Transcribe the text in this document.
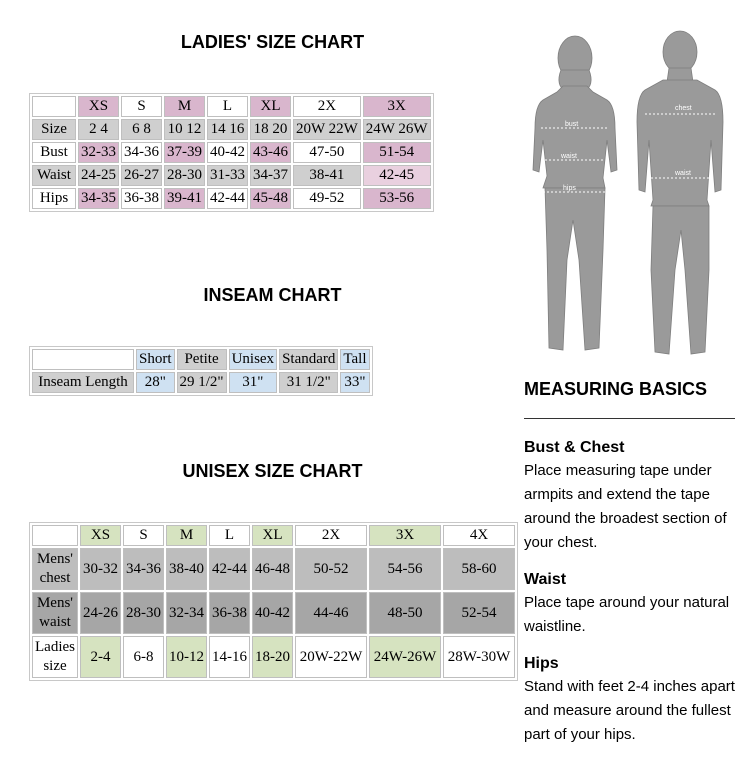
LADIES' SIZE CHART
	XS	S	M	L	XL	2X	3X
Size	2 4	6 8	10 12	14 16	18 20	20W 22W	24W 26W
Bust	32-33	34-36	37-39	40-42	43-46	47-50	51-54
Waist	24-25	26-27	28-30	31-33	34-37	38-41	42-45
Hips	34-35	36-38	39-41	42-44	45-48	49-52	53-56
INSEAM CHART
	Short	Petite	Unisex	Standard	Tall
Inseam Length	28"	29 1/2"	31"	31 1/2"	33"
UNISEX SIZE CHART
	XS	S	M	L	XL	2X	3X	4X
Mens' chest	30-32	34-36	38-40	42-44	46-48	50-52	54-56	58-60
Mens' waist	24-26	28-30	32-34	36-38	40-42	44-46	48-50	52-54
Ladies size	2-4	6-8	10-12	14-16	18-20	20W-22W	24W-26W	28W-30W
bust
waist
hips
chest
waist
MEASURING BASICS
Bust & Chest

Place measuring tape under armpits and extend the tape around the broadest section of your chest.

Waist

Place tape around your natural waistline.

Hips

Stand with feet 2-4 inches apart and measure around the fullest part of your hips.
